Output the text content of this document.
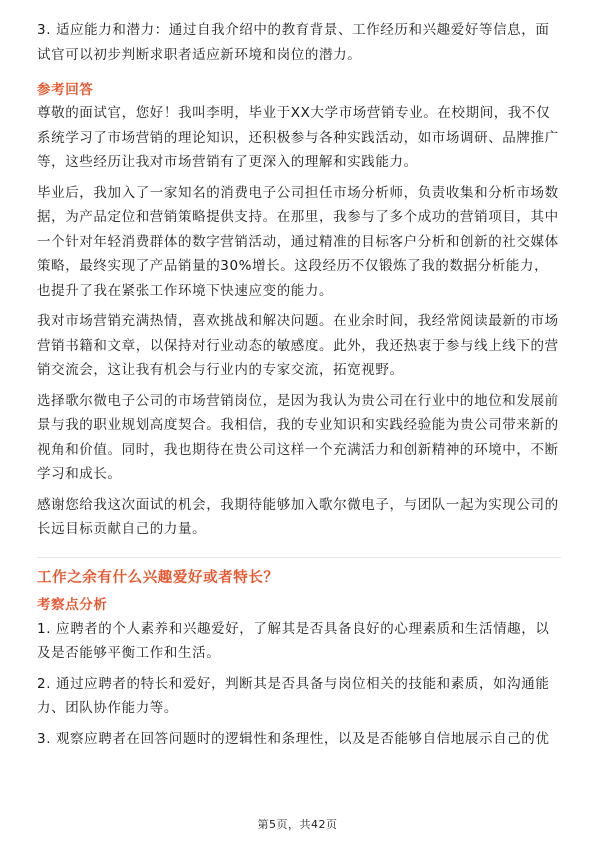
3. 适应能力和潜力：通过自我介绍中的教育背景、工作经历和兴趣爱好等信息，面试官可以初步判断求职者适应新环境和岗位的潜力。

参考回答

尊敬的面试官，您好！我叫李明，毕业于XX大学市场营销专业。在校期间，我不仅系统学习了市场营销的理论知识，还积极参与各种实践活动，如市场调研、品牌推广等，这些经历让我对市场营销有了更深入的理解和实践能力。

毕业后，我加入了一家知名的消费电子公司担任市场分析师，负责收集和分析市场数据，为产品定位和营销策略提供支持。在那里，我参与了多个成功的营销项目，其中一个针对年轻消费群体的数字营销活动，通过精准的目标客户分析和创新的社交媒体策略，最终实现了产品销量的30%增长。这段经历不仅锻炼了我的数据分析能力，也提升了我在紧张工作环境下快速应变的能力。

我对市场营销充满热情，喜欢挑战和解决问题。在业余时间，我经常阅读最新的市场营销书籍和文章，以保持对行业动态的敏感度。此外，我还热衷于参与线上线下的营销交流会，这让我有机会与行业内的专家交流，拓宽视野。

选择歌尔微电子公司的市场营销岗位，是因为我认为贵公司在行业中的地位和发展前景与我的职业规划高度契合。我相信，我的专业知识和实践经验能为贵公司带来新的视角和价值。同时，我也期待在贵公司这样一个充满活力和创新精神的环境中，不断学习和成长。

感谢您给我这次面试的机会，我期待能够加入歌尔微电子，与团队一起为实现公司的长远目标贡献自己的力量。

工作之余有什么兴趣爱好或者特长？
考察点分析

1. 应聘者的个人素养和兴趣爱好，了解其是否具备良好的心理素质和生活情趣，以及是否能够平衡工作和生活。

2. 通过应聘者的特长和爱好，判断其是否具备与岗位相关的技能和素质，如沟通能力、团队协作能力等。

3. 观察应聘者在回答问题时的逻辑性和条理性，以及是否能够自信地展示自己的优

第5页，共42页
